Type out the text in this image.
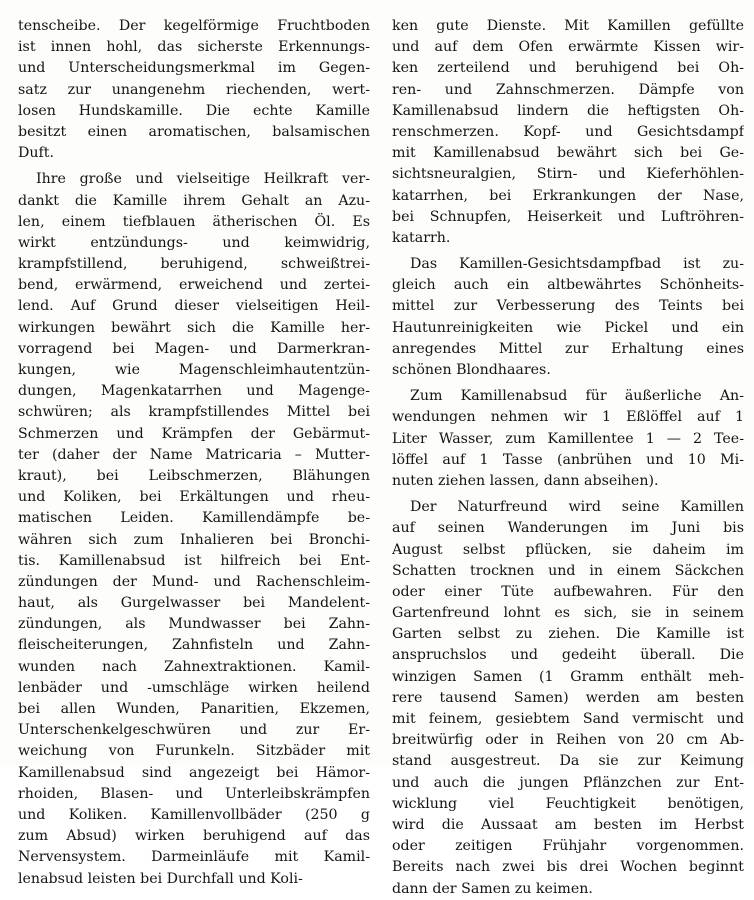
tenscheibe. Der kegelförmige Fruchtboden
ist innen hohl, das sicherste Erkennungs-
und Unterscheidungsmerkmal im Gegen-
satz zur unangenehm riechenden, wert-
losen Hundskamille. Die echte Kamille
besitzt einen aromatischen, balsamischen
Duft.
Ihre große und vielseitige Heilkraft ver-
dankt die Kamille ihrem Gehalt an Azu-
len, einem tiefblauen ätherischen Öl. Es
wirkt entzündungs- und keimwidrig,
krampfstillend, beruhigend, schweißtrei-
bend, erwärmend, erweichend und zertei-
lend. Auf Grund dieser vielseitigen Heil-
wirkungen bewährt sich die Kamille her-
vorragend bei Magen- und Darmerkran-
kungen, wie Magenschleimhautentzün-
dungen, Magenkatarrhen und Magenge-
schwüren; als krampfstillendes Mittel bei
Schmerzen und Krämpfen der Gebärmut-
ter (daher der Name Matricaria – Mutter-
kraut), bei Leibschmerzen, Blähungen
und Koliken, bei Erkältungen und rheu-
matischen Leiden. Kamillendämpfe be-
währen sich zum Inhalieren bei Bronchi-
tis. Kamillenabsud ist hilfreich bei Ent-
zündungen der Mund- und Rachenschleim-
haut, als Gurgelwasser bei Mandelent-
zündungen, als Mundwasser bei Zahn-
fleischeiterungen, Zahnfisteln und Zahn-
wunden nach Zahnextraktionen. Kamil-
lenbäder und -umschläge wirken heilend
bei allen Wunden, Panaritien, Ekzemen,
Unterschenkelgeschwüren und zur Er-
weichung von Furunkeln. Sitzbäder mit
Kamillenabsud sind angezeigt bei Hämor-
rhoiden, Blasen- und Unterleibskrämpfen
und Koliken. Kamillenvollbäder (250 g
zum Absud) wirken beruhigend auf das
Nervensystem. Darmeinläufe mit Kamil-
lenabsud leisten bei Durchfall und Koli-
ken gute Dienste. Mit Kamillen gefüllte
und auf dem Ofen erwärmte Kissen wir-
ken zerteilend und beruhigend bei Oh-
ren- und Zahnschmerzen. Dämpfe von
Kamillenabsud lindern die heftigsten Oh-
renschmerzen. Kopf- und Gesichtsdampf
mit Kamillenabsud bewährt sich bei Ge-
sichtsneuralgien, Stirn- und Kieferhöhlen-
katarrhen, bei Erkrankungen der Nase,
bei Schnupfen, Heiserkeit und Luftröhren-
katarrh.
Das Kamillen-Gesichtsdampfbad ist zu-
gleich auch ein altbewährtes Schönheits-
mittel zur Verbesserung des Teints bei
Hautunreinigkeiten wie Pickel und ein
anregendes Mittel zur Erhaltung eines
schönen Blondhaares.
Zum Kamillenabsud für äußerliche An-
wendungen nehmen wir 1 Eßlöffel auf 1
Liter Wasser, zum Kamillentee 1 — 2 Tee-
löffel auf 1 Tasse (anbrühen und 10 Mi-
nuten ziehen lassen, dann abseihen).
Der Naturfreund wird seine Kamillen
auf seinen Wanderungen im Juni bis
August selbst pflücken, sie daheim im
Schatten trocknen und in einem Säckchen
oder einer Tüte aufbewahren. Für den
Gartenfreund lohnt es sich, sie in seinem
Garten selbst zu ziehen. Die Kamille ist
anspruchslos und gedeiht überall. Die
winzigen Samen (1 Gramm enthält meh-
rere tausend Samen) werden am besten
mit feinem, gesiebtem Sand vermischt und
breitwürfig oder in Reihen von 20 cm Ab-
stand ausgestreut. Da sie zur Keimung
und auch die jungen Pflänzchen zur Ent-
wicklung viel Feuchtigkeit benötigen,
wird die Aussaat am besten im Herbst
oder zeitigen Frühjahr vorgenommen.
Bereits nach zwei bis drei Wochen beginnt
dann der Samen zu keimen.
